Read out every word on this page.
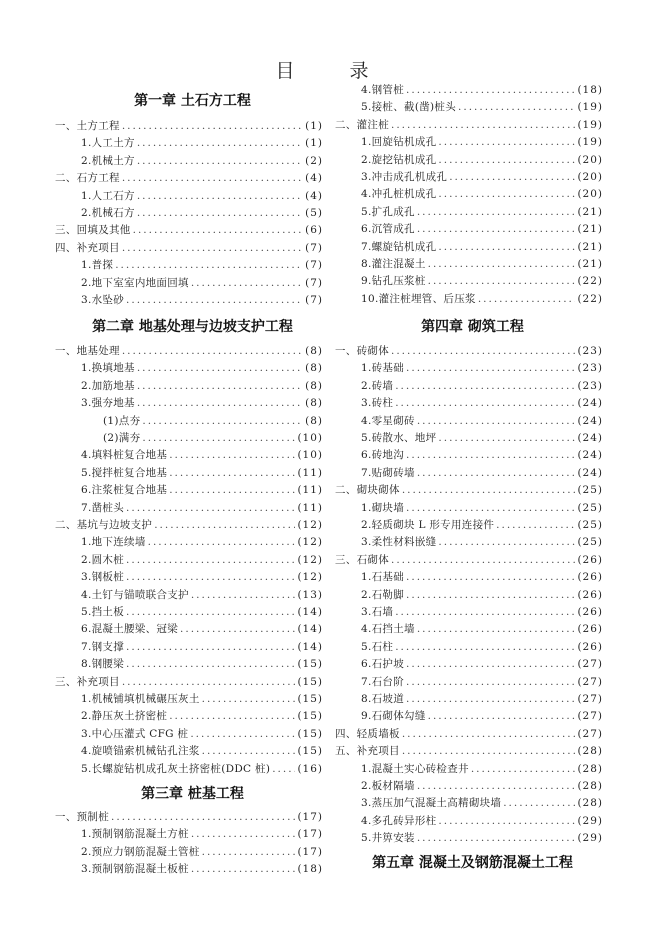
目　录
第一章 土石方工程
第二章 地基处理与边坡支护工程
第三章 桩基工程
一、土方工程 .....	(1)
1.人工土方 .....	(1)
2.机械土方 .....	(2)
二、石方工程 .....	(4)
1.人工石方 .....	(4)
2.机械石方 .....	(5)
三、回填及其他 .....	(6)
四、补充项目 .....	(7)
1.普探 .....	(7)
2.地下室室内地面回填 .....	(7)
3.水坠砂 .....	(7)
一、地基处理 .....	(8)
1.换填地基 .....	(8)
2.加筋地基 .....	(8)
3.强夯地基 .....	(8)
(1)点夯 .....	(8)
(2)满夯 .....	(10)
4.填料桩复合地基 .....	(10)
5.搅拌桩复合地基 .....	(11)
6.注浆桩复合地基 .....	(11)
7.凿桩头 .....	(11)
二、基坑与边坡支护 .....	(12)
1.地下连续墙 .....	(12)
2.圆木桩 .....	(12)
3.钢板桩 .....	(12)
4.土钉与锚喷联合支护 .....	(13)
5.挡土板 .....	(14)
6.混凝土腰梁、冠梁 .....	(14)
7.钢支撑 .....	(14)
8.钢腰梁 .....	(15)
三、补充项目 .....	(15)
1.机械铺填机械碾压灰土 .....	(15)
2.静压灰土挤密桩 .....	(15)
3.中心压灌式 CFG 桩 .....	(15)
4.旋喷锚索机械钻孔注浆 .....	(15)
5.长螺旋钻机成孔灰土挤密桩(DDC 桩) .....	(16)
一、预制桩 .....	(17)
1.预制钢筋混凝土方桩 .....	(17)
2.预应力钢筋混凝土管桩 .....	(17)
3.预制钢筋混凝土板桩 .....	(18)
第四章 砌筑工程
第五章 混凝土及钢筋混凝土工程
4.钢管桩 .....	(18)
5.接桩、截(凿)桩头 .....	(19)
二、灌注桩 .....	(19)
1.回旋钻机成孔 .....	(19)
2.旋挖钻机成孔 .....	(20)
3.冲击成孔机成孔 .....	(20)
4.冲孔桩机成孔 .....	(20)
5.扩孔成孔 .....	(21)
6.沉管成孔 .....	(21)
7.螺旋钻机成孔 .....	(21)
8.灌注混凝土 .....	(21)
9.钻孔压浆桩 .....	(22)
10.灌注桩埋管、后压浆 .....	(22)
一、砖砌体 .....	(23)
1.砖基础 .....	(23)
2.砖墙 .....	(23)
3.砖柱 .....	(24)
4.零星砌砖 .....	(24)
5.砖散水、地坪 .....	(24)
6.砖地沟 .....	(24)
7.贴砌砖墙 .....	(24)
二、砌块砌体 .....	(25)
1.砌块墙 .....	(25)
2.轻质砌块 L 形专用连接件 .....	(25)
3.柔性材料嵌缝 .....	(25)
三、石砌体 .....	(26)
1.石基础 .....	(26)
2.石勒脚 .....	(26)
3.石墙 .....	(26)
4.石挡土墙 .....	(26)
5.石柱 .....	(26)
6.石护坡 .....	(27)
7.石台阶 .....	(27)
8.石坡道 .....	(27)
9.石砌体勾缝 .....	(27)
四、轻质墙板 .....	(27)
五、补充项目 .....	(28)
1.混凝土实心砖检查井 .....	(28)
2.板材隔墙 .....	(28)
3.蒸压加气混凝土高精砌块墙 .....	(28)
4.多孔砖异形柱 .....	(29)
5.井箅安装 .....	(29)
